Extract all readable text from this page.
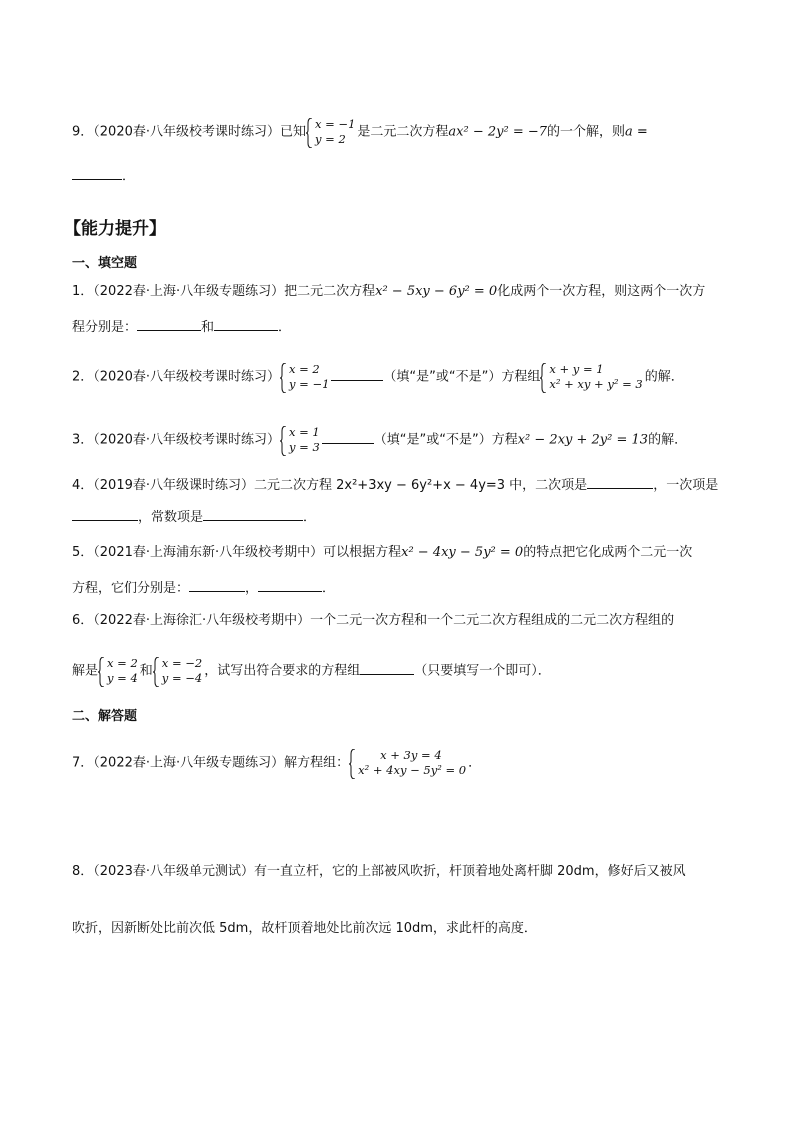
9．（2020春·八年级校考课时练习）已知
x = −1
y = 2 是二元二次方程ax² − 2y² = −7的一个解，则a =
．
【能力提升】
一、填空题
1．（2022春·上海·八年级专题练习）把二元二次方程x² − 5xy − 6y² = 0化成两个一次方程，则这两个一次方
程分别是：	和	．
2．（2020春·八年级校考课时练习）
x = 2
y = −1	（填“是”或“不是”）方程组
x + y = 1
x² + xy + y² = 3 的解．
3．（2020春·八年级校考课时练习）
x = 1
y = 3	（填“是”或“不是”）方程x² − 2xy + 2y² = 13的解．
4．（2019春·八年级课时练习）二元二次方程 2x²+3xy − 6y²+x − 4y=3 中，二次项是	，一次项是
，常数项是	．
5．（2021春·上海浦东新·八年级校考期中）可以根据方程x² − 4xy − 5y² = 0的特点把它化成两个二元一次
方程，它们分别是：	，	．
6．（2022春·上海徐汇·八年级校考期中）一个二元一次方程和一个二元二次方程组成的二元二次方程组的
解是
x = 2
y = 4 和
x = −2
y = −4 ，试写出符合要求的方程组	（只要填写一个即可）．
二、解答题
7．（2022春·上海·八年级专题练习）解方程组：
x + 3y = 4
x² + 4xy − 5y² = 0 ．
8．（2023春·八年级单元测试）有一直立杆，它的上部被风吹折，杆顶着地处离杆脚 20dm，修好后又被风
吹折，因新断处比前次低 5dm，故杆顶着地处比前次远 10dm，求此杆的高度．
